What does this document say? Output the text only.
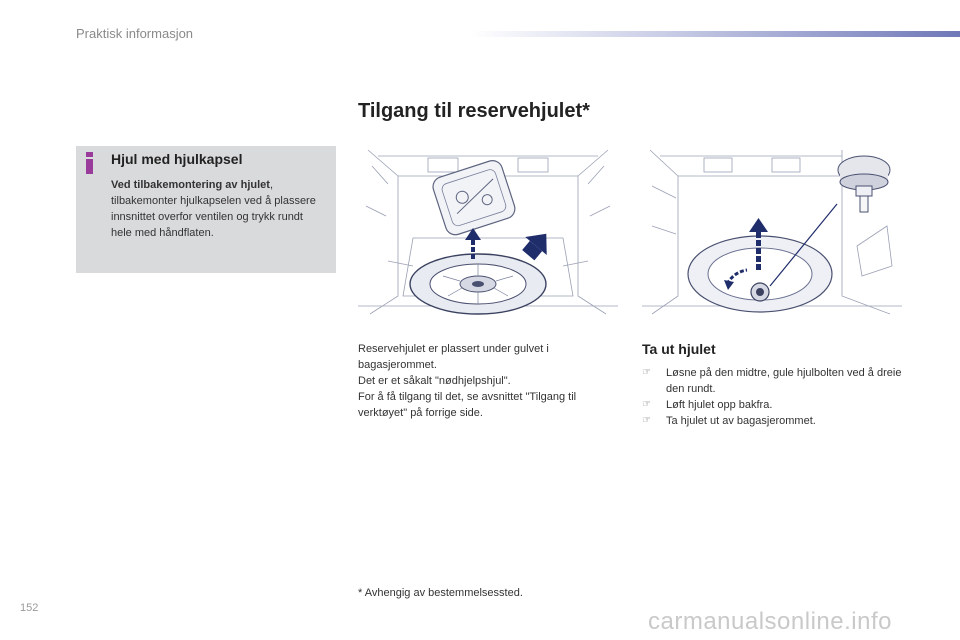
Praktisk informasjon
Tilgang til reservehjulet*
Hjul med hjulkapsel
Ved tilbakemontering av hjulet, tilbakemonter hjulkapselen ved å plassere innsnittet overfor ventilen og trykk rundt hele med håndflaten.
Reservehjulet er plassert under gulvet i bagasjerommet.
Det er et såkalt "nødhjelpshjul".
For å få tilgang til det, se avsnittet "Tilgang til verktøyet" på forrige side.
Ta ut hjulet
☞ Løsne på den midtre, gule hjulbolten ved å dreie den rundt.
☞ Løft hjulet opp bakfra.
☞ Ta hjulet ut av bagasjerommet.
* Avhengig av bestemmelsessted.
152	carmanualsonline.info
